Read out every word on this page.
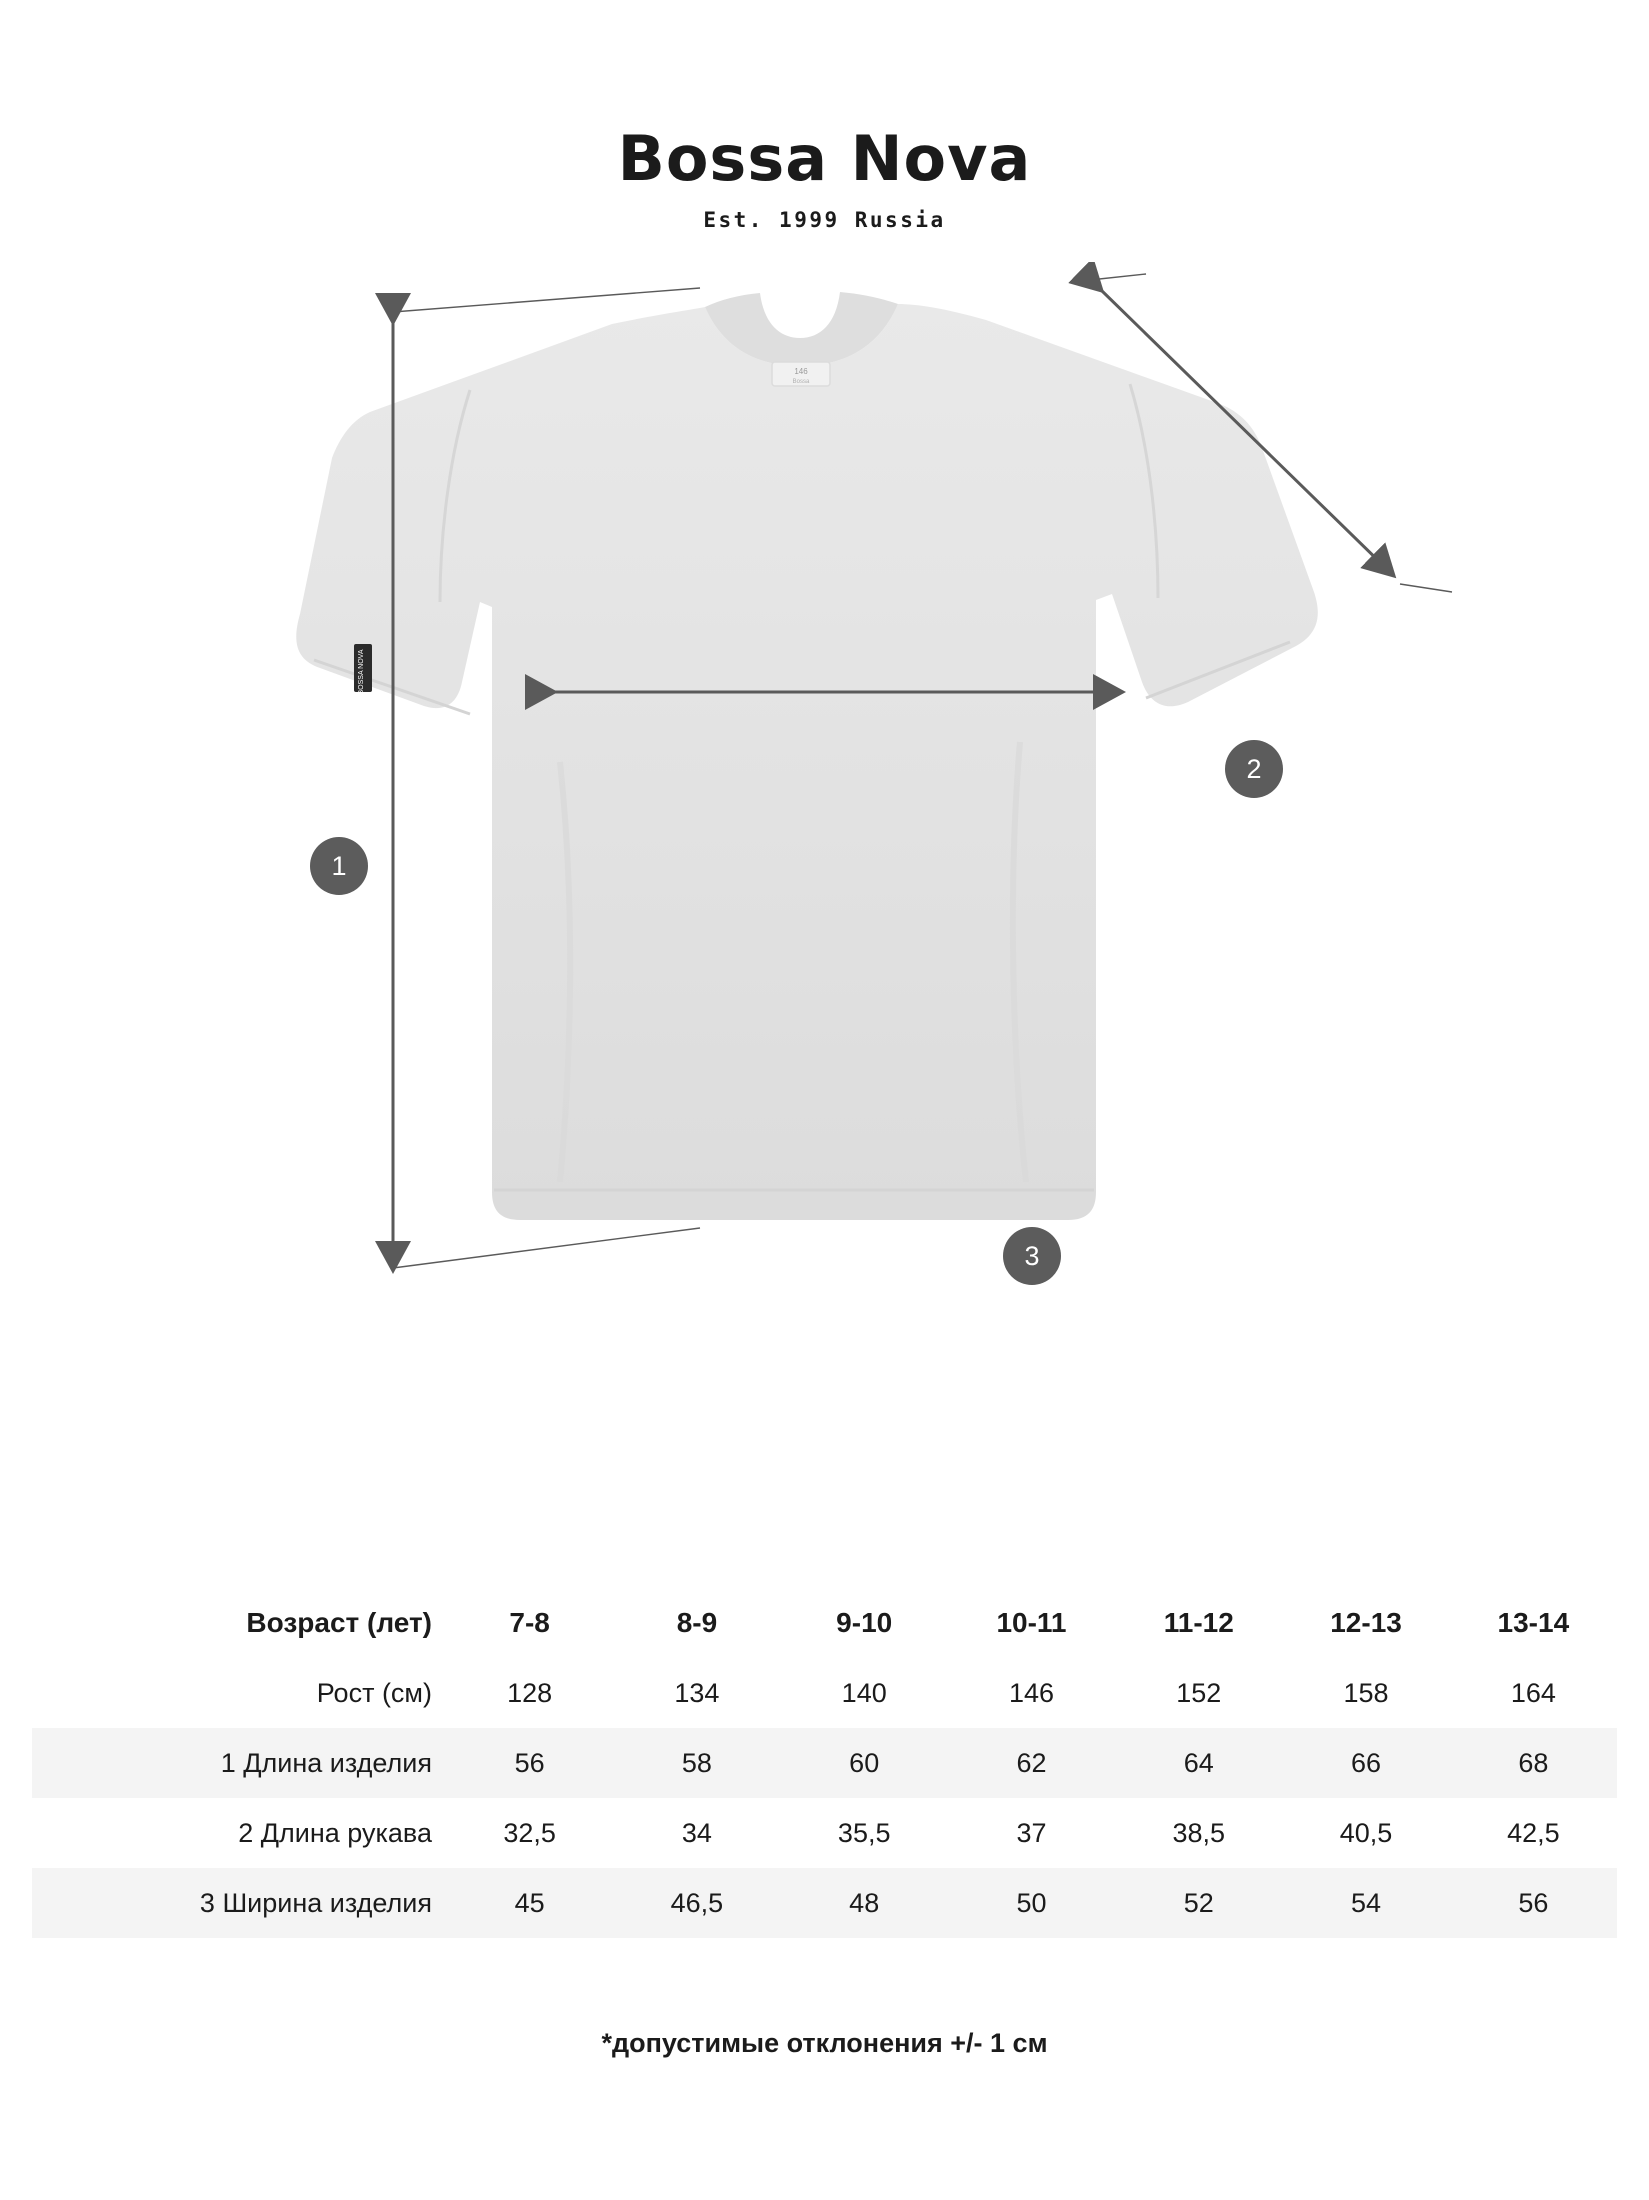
Bossa Nova
Est. 1999 Russia
146
Bossa
BOSSA NOVA
1
2
3
Возраст (лет)	7-8	8-9	9-10	10-11	11-12	12-13	13-14
Рост (см)	128	134	140	146	152	158	164
1 Длина изделия	56	58	60	62	64	66	68
2 Длина рукава	32,5	34	35,5	37	38,5	40,5	42,5
3 Ширина изделия	45	46,5	48	50	52	54	56
*допустимые отклонения +/- 1 см
